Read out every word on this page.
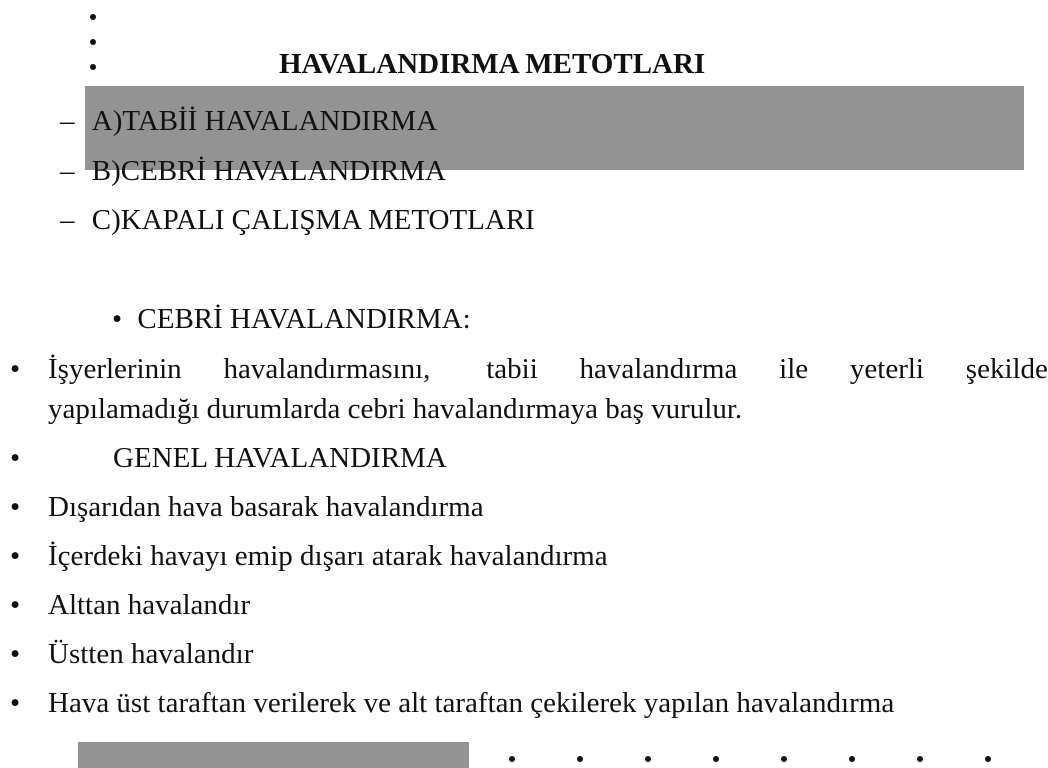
HAVALANDIRMA METOTLARI
– A)TABİİ HAVALANDIRMA
– B)CEBRİ HAVALANDIRMA
– C)KAPALI ÇALIŞMA METOTLARI
• CEBRİ HAVALANDIRMA:
• İşyerlerinin havalandırmasını, tabii havalandırma ile yeterli şekilde
yapılamadığı durumlarda cebri havalandırmaya baş vurulur.
•	GENEL HAVALANDIRMA
• Dışarıdan hava basarak havalandırma
• İçerdeki havayı emip dışarı atarak havalandırma
• Alttan havalandır
• Üstten havalandır
• Hava üst taraftan verilerek ve alt taraftan çekilerek yapılan havalandırma
